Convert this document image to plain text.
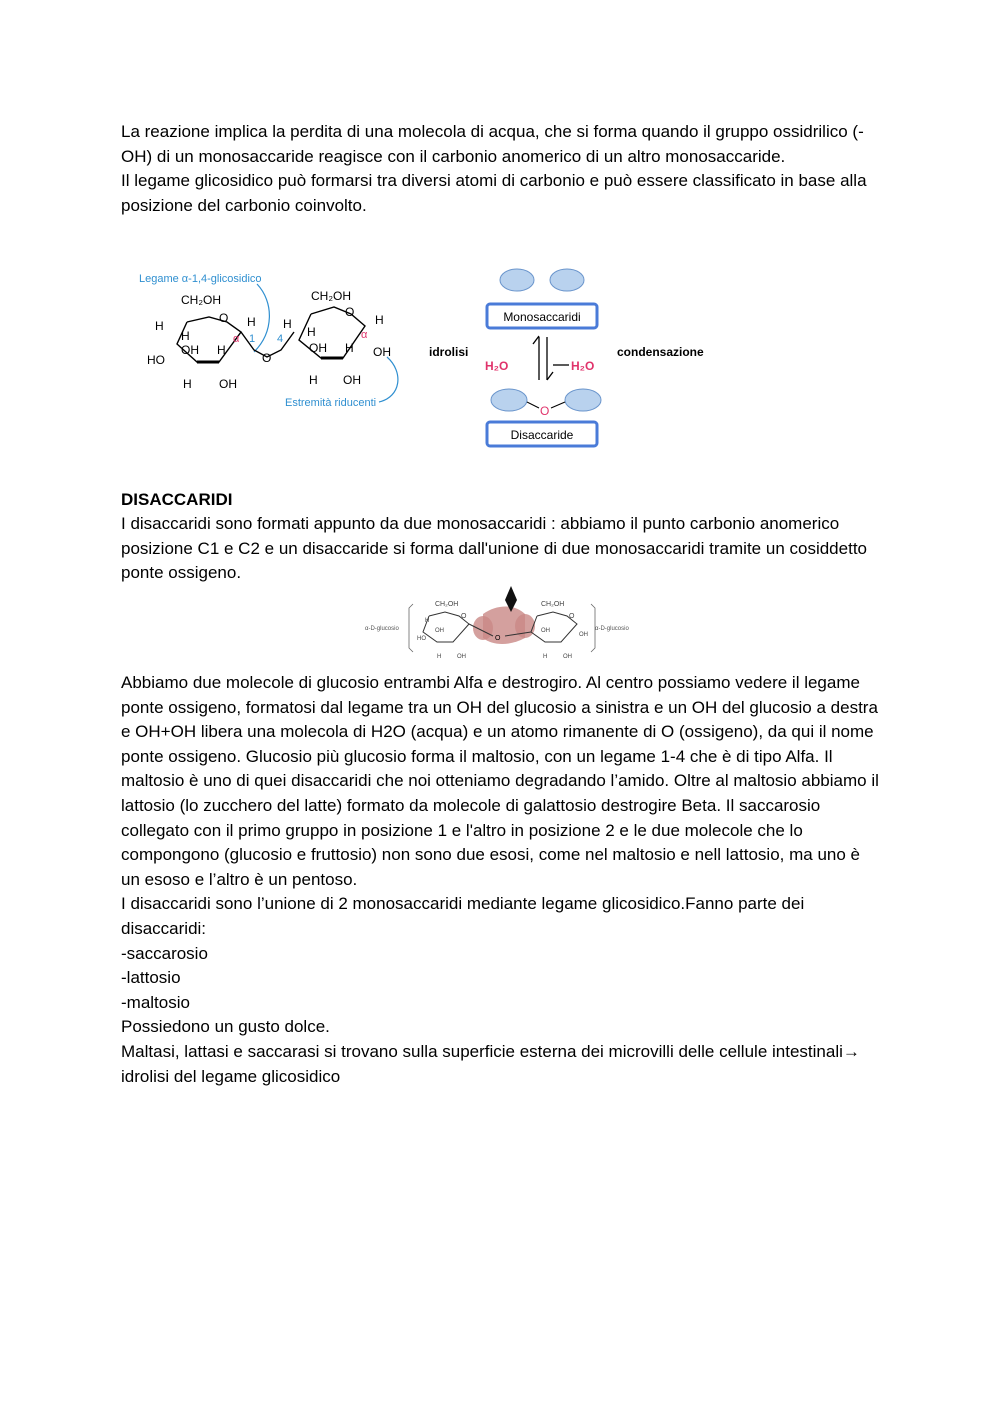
La reazione implica la perdita di una molecola di acqua, che si forma quando il gruppo ossidrilico (-OH) di un monosaccaride reagisce con il carbonio anomerico di un altro monosaccaride.

Il legame glicosidico può formarsi tra diversi atomi di carbonio e può essere classificato in base alla posizione del carbonio coinvolto.

Legame α-1,4-glicosidico
CH₂OH
O
H
H
OH H
HO
H OH
H
α 1
O
4
CH₂OH
O
H
H
OH H
H
α
OH
H OH
Estremità riducenti
idrolisi
Monosaccaridi
H₂O	H₂O
condensazione
O
Disaccaride
DISACCARIDI

I disaccaridi sono formati appunto da due monosaccaridi : abbiamo il punto carbonio anomerico posizione C1 e C2 e un disaccaride si forma dall'unione di due monosaccaridi tramite un cosiddetto ponte ossigeno.

α-D-glucosio	α-D-glucosio
O
CH₂OH	CH₂OH
O	O
H
OH
HO
H	OH
OH
OH
H	OH

Abbiamo due molecole di glucosio entrambi Alfa e destrogiro. Al centro possiamo vedere il legame ponte ossigeno, formatosi dal legame tra un OH del glucosio a sinistra e un OH del glucosio a destra e OH+OH libera una molecola di H2O (acqua) e un atomo rimanente di O (ossigeno), da qui il nome ponte ossigeno. Glucosio più glucosio forma il maltosio, con un legame 1-4 che è di tipo Alfa. Il maltosio è uno di quei disaccaridi che noi otteniamo degradando l’amido. Oltre al maltosio abbiamo il lattosio (lo zucchero del latte) formato da molecole di galattosio destrogire Beta. Il saccarosio collegato con il primo gruppo in posizione 1 e l'altro in posizione 2 e le due molecole che lo compongono (glucosio e fruttosio) non sono due esosi, come nel maltosio e nell lattosio, ma uno è un esoso e l’altro è un pentoso.

I disaccaridi sono l’unione di 2 monosaccaridi mediante legame glicosidico.Fanno parte dei disaccaridi:

-saccarosio

-lattosio

-maltosio

Possiedono un gusto dolce.

Maltasi, lattasi e saccarasi si trovano sulla superficie esterna dei microvilli delle cellule intestinali→ idrolisi del legame glicosidico
